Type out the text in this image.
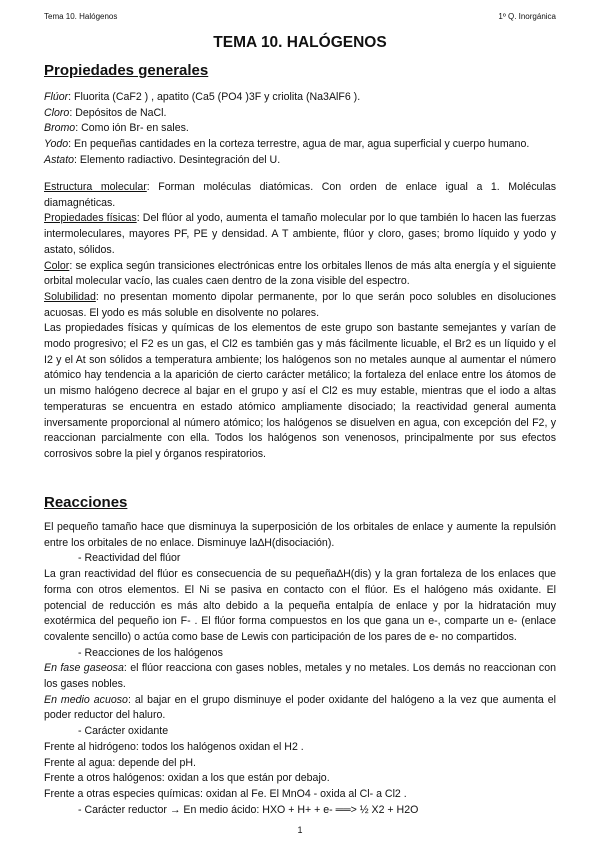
Tema 10. Halógenos	1º Q. Inorgánica
TEMA 10. HALÓGENOS
Propiedades generales

Flúor: Fluorita (CaF2 ) , apatito (Ca5 (PO4 )3F y criolita (Na3AlF6 ).

Cloro: Depósitos de NaCl.

Bromo: Como ión Br- en sales.

Yodo: En pequeñas cantidades en la corteza terrestre, agua de mar, agua superficial y cuerpo humano.

Astato: Elemento radiactivo. Desintegración del U.

Estructura molecular: Forman moléculas diatómicas. Con orden de enlace igual a 1. Moléculas diamagnéticas.

Propiedades físicas: Del flúor al yodo, aumenta el tamaño molecular por lo que también lo hacen las fuerzas intermoleculares, mayores PF, PE y densidad. A T ambiente, flúor y cloro, gases; bromo líquido y yodo y astato, sólidos.

Color: se explica según transiciones electrónicas entre los orbitales llenos de más alta energía y el siguiente orbital molecular vacío, las cuales caen dentro de la zona visible del espectro.

Solubilidad: no presentan momento dipolar permanente, por lo que serán poco solubles en disoluciones acuosas. El yodo es más soluble en disolvente no polares.

Las propiedades físicas y químicas de los elementos de este grupo son bastante semejantes y varían de modo progresivo; el F2 es un gas, el Cl2 es también gas y más fácilmente licuable, el Br2 es un líquido y el I2 y el At son sólidos a temperatura ambiente; los halógenos son no metales aunque al aumentar el número atómico hay tendencia a la aparición de cierto carácter metálico; la fortaleza del enlace entre los átomos de un mismo halógeno decrece al bajar en el grupo y así el Cl2 es muy estable, mientras que el iodo a altas temperaturas se encuentra en estado atómico ampliamente disociado; la reactividad general aumenta inversamente proporcional al número atómico; los halógenos se disuelven en agua, con excepción del F2, y reaccionan parcialmente con ella. Todos los halógenos son venenosos, principalmente por sus efectos corrosivos sobre la piel y órganos respiratorios.

Reacciones

El pequeño tamaño hace que disminuya la superposición de los orbitales de enlace y aumente la repulsión entre los orbitales de no enlace. Disminuye la∆H(disociación).

- Reactividad del flúor

La gran reactividad del flúor es consecuencia de su pequeña∆H(dis) y la gran fortaleza de los enlaces que forma con otros elementos. El Ni se pasiva en contacto con el flúor. Es el halógeno más oxidante. El potencial de reducción es más alto debido a la pequeña entalpía de enlace y por la hidratación muy exotérmica del pequeño ion F- . El flúor forma compuestos en los que gana un e-, comparte un e- (enlace covalente sencillo) o actúa como base de Lewis con participación de los pares de e- no compartidos.

- Reacciones de los halógenos

En fase gaseosa: el flúor reacciona con gases nobles, metales y no metales. Los demás no reaccionan con los gases nobles.

En medio acuoso: al bajar en el grupo disminuye el poder oxidante del halógeno a la vez que aumenta el poder reductor del haluro.

- Carácter oxidante

Frente al hidrógeno: todos los halógenos oxidan el H2 .

Frente al agua: depende del pH.

Frente a otros halógenos: oxidan a los que están por debajo.

Frente a otras especies químicas: oxidan al Fe. El MnO4 - oxida al Cl- a Cl2 .

- Carácter reductor → En medio ácido: HXO + H+ + e- ══> ½ X2 + H2O

1
